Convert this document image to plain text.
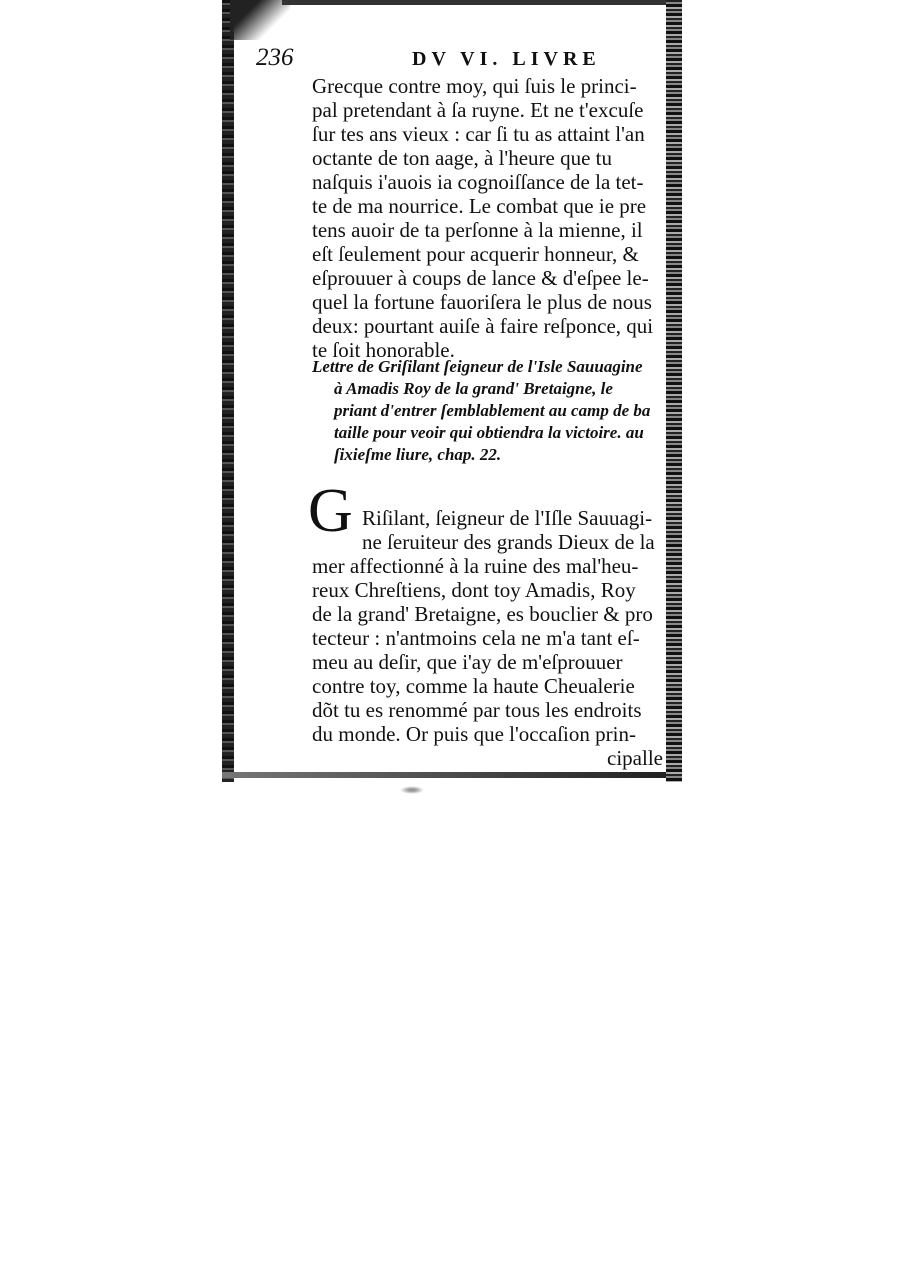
236	DV VI. LIVRE
Grecque contre moy, qui ſuis le princi-
pal pretendant à ſa ruyne. Et ne t'excuſe
ſur tes ans vieux : car ſi tu as attaint l'an
octante de ton aage, à l'heure que tu
naſquis i'auois ia cognoiſſance de la tet-
te de ma nourrice. Le combat que ie pre
tens auoir de ta perſonne à la mienne, il
eſt ſeulement pour acquerir honneur, &
eſprouuer à coups de lance & d'eſpee le-
quel la fortune fauoriſera le plus de nous
deux: pourtant auiſe à faire reſponce, qui
te ſoit honorable.
Lettre de Griſilant ſeigneur de l'Isle Sauuagine
à Amadis Roy de la grand' Bretaigne, le
priant d'entrer ſemblablement au camp de ba
taille pour veoir qui obtiendra la victoire. au
ſixieſme liure, chap. 22.
G Riſilant, ſeigneur de l'Iſle Sauuagi-
ne ſeruiteur des grands Dieux de la
mer affectionné à la ruine des mal'heu-
reux Chreſtiens, dont toy Amadis, Roy
de la grand' Bretaigne, es bouclier & pro
tecteur : n'antmoins cela ne m'a tant eſ-
meu au deſir, que i'ay de m'eſprouuer
contre toy, comme la haute Cheualerie
dõt tu es renommé par tous les endroits
du monde. Or puis que l'occaſion prin-
cipalle
